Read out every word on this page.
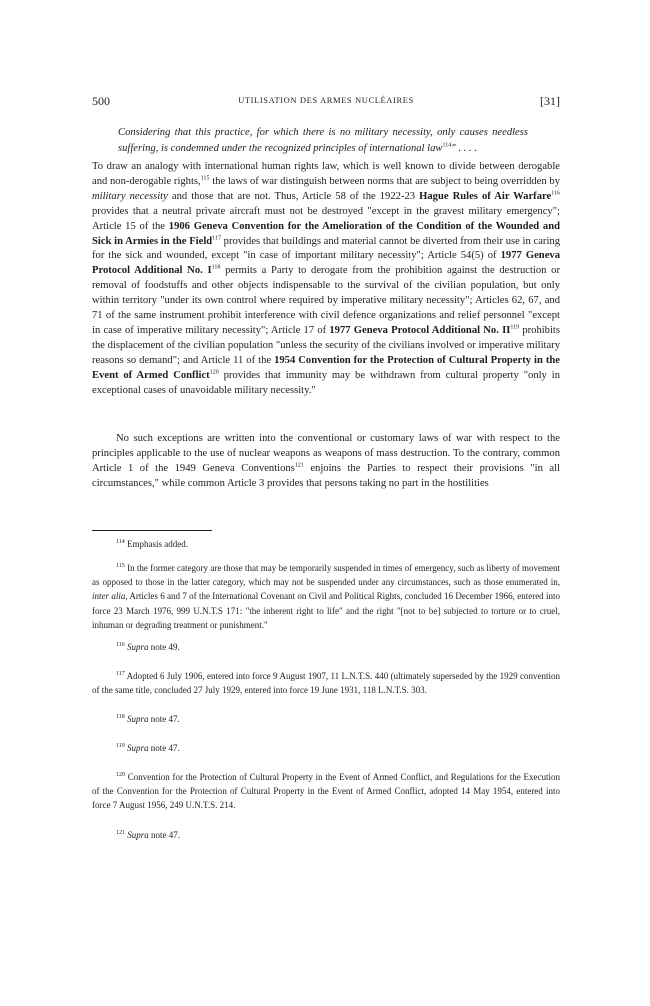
500	UTILISATION DES ARMES NUCLÉAIRES	[31]
Considering that this practice, for which there is no military necessity, only causes needless suffering, is condemned under the recognized principles of international law$^{114}$" . . . .
To draw an analogy with international human rights law, which is well known to divide between derogable and non-derogable rights,$^{115}$ the laws of war distinguish between norms that are subject to being overridden by military necessity and those that are not. Thus, Article 58 of the 1922-23 Hague Rules of Air Warfare$^{116}$ provides that a neutral private aircraft must not be destroyed "except in the gravest military emergency"; Article 15 of the 1906 Geneva Convention for the Amelioration of the Condition of the Wounded and Sick in Armies in the Field$^{117}$ provides that buildings and material cannot be diverted from their use in caring for the sick and wounded, except "in case of important military necessity"; Article 54(5) of 1977 Geneva Protocol Additional No. $I^{118}$ permits a Party to derogate from the prohibition against the destruction or removal of foodstuffs and other objects indispensable to the survival of the civilian population, but only within territory "under its own control where required by imperative military necessity"; Articles 62, 67, and 71 of the same instrument prohibit interference with civil defence organizations and relief personnel "except in case of imperative military necessity"; Article 17 of 1977 Geneva Protocol Additional No. II$^{119}$ prohibits the displacement of the civilian population "unless the security of the civilians involved or imperative military reasons so demand"; and Article 11 of the 1954 Convention for the Protection of Cultural Property in the Event of Armed Conflict$^{120}$ provides that immunity may be withdrawn from cultural property "only in exceptional cases of unavoidable military necessity."
No such exceptions are written into the conventional or customary laws of war with respect to the principles applicable to the use of nuclear weapons as weapons of mass destruction. To the contrary, common Article 1 of the 1949 Geneva Conventions$^{121}$ enjoins the Parties to respect their provisions "in all circumstances," while common Article 3 provides that persons taking no part in the hostilities
$^{114}$ Emphasis added.
$^{115}$ In the former category are those that may be temporarily suspended in times of emergency, such as liberty of movement as opposed to those in the latter category, which may not be suspended under any circumstances, such as those enumerated in, inter alia, Articles 6 and 7 of the International Covenant on Civil and Political Rights, concluded 16 December 1966, entered into force 23 March 1976, 999 U.N.T.S 171: "the inherent right to life" and the right "[not to be] subjected to torture or to cruel, inhuman or degrading treatment or punishment."
$^{116}$ Supra note 49.
$^{117}$ Adopted 6 July 1906, entered into force 9 August 1907, 11 L.N.T.S. 440 (ultimately superseded by the 1929 convention of the same title, concluded 27 July 1929, entered into force 19 June 1931, 118 L.N.T.S. 303.
$^{118}$ Supra note 47.
$^{119}$ Supra note 47.
$^{120}$ Convention for the Protection of Cultural Property in the Event of Armed Conflict, and Regulations for the Execution of the Convention for the Protection of Cultural Property in the Event of Armed Conflict, adopted 14 May 1954, entered into force 7 August 1956, 249 U.N.T.S. 214.
$^{121}$ Supra note 47.
